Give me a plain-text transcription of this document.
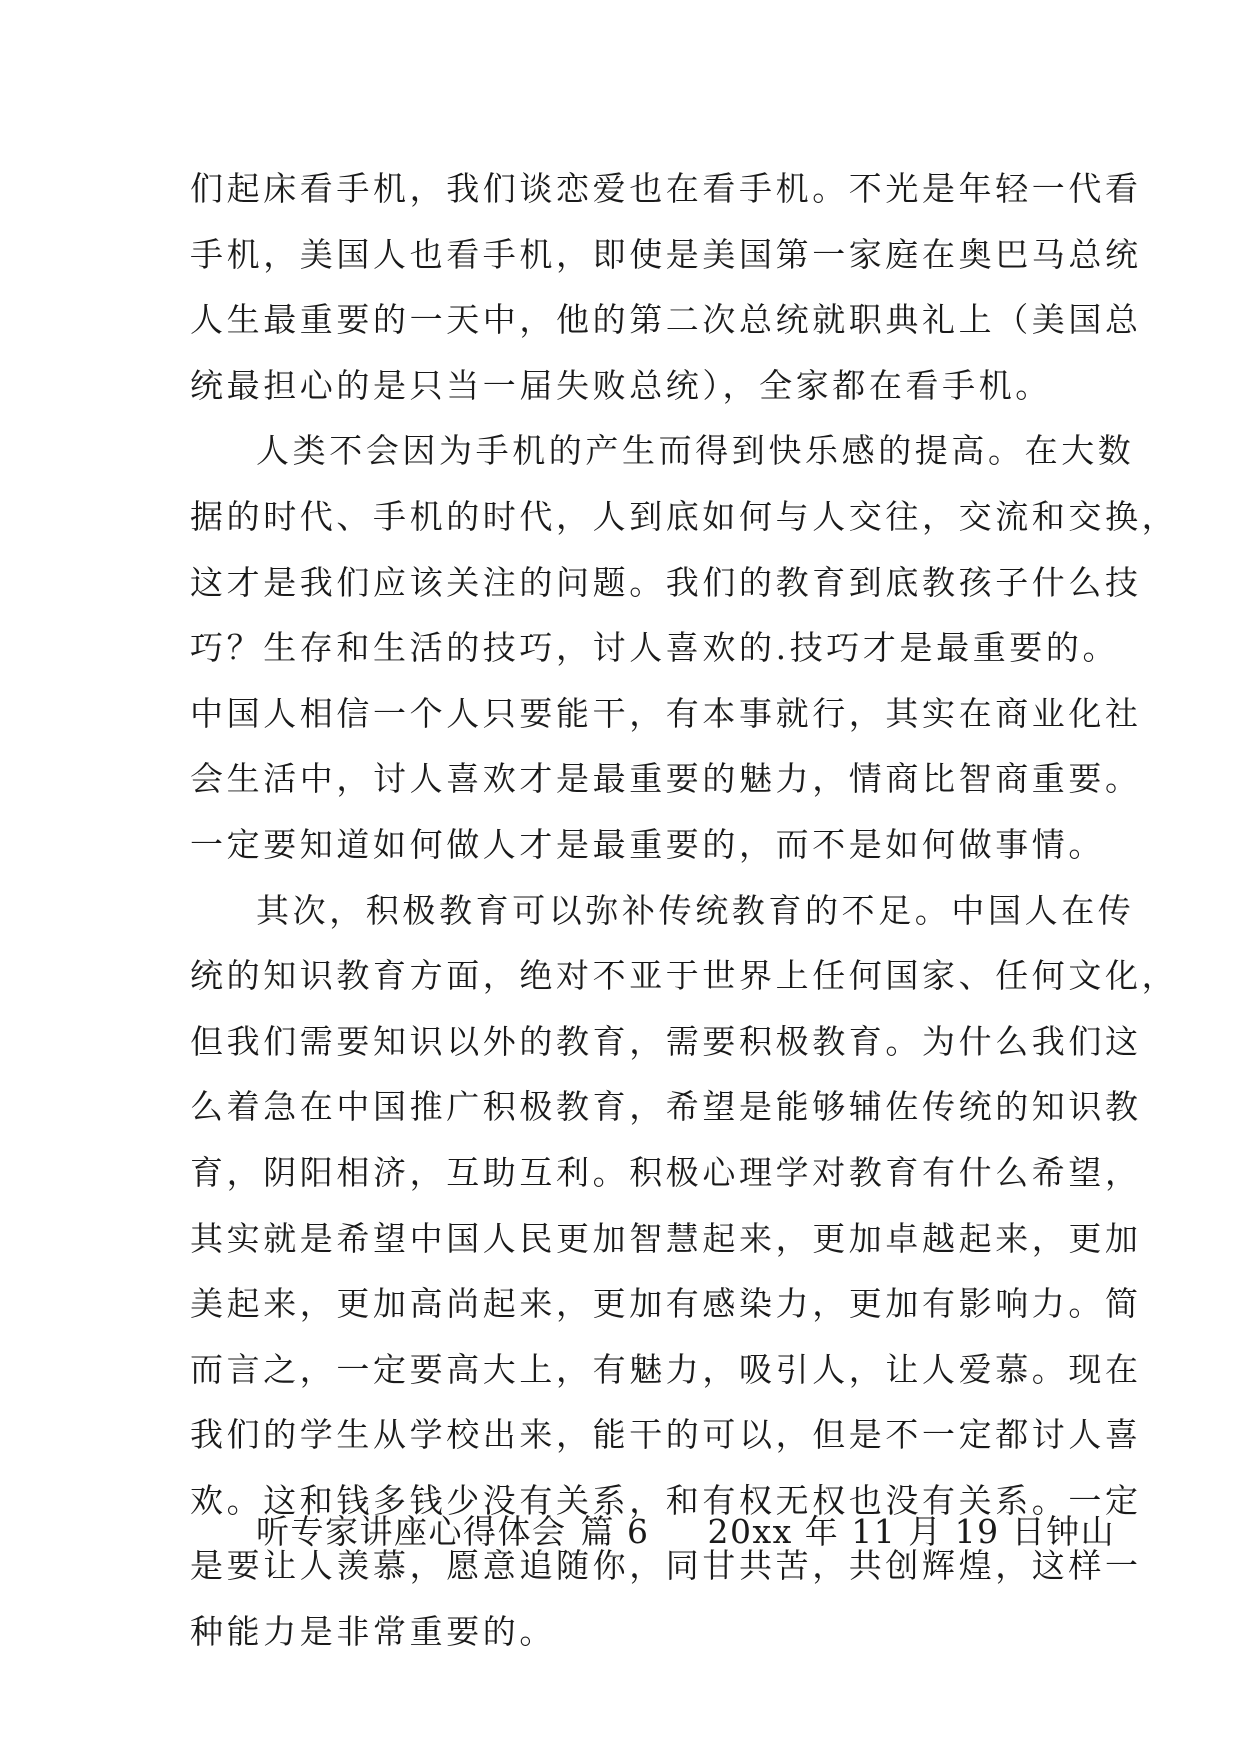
们起床看手机，我们谈恋爱也在看手机。不光是年轻一代看
手机，美国人也看手机，即使是美国第一家庭在奥巴马总统
人生最重要的一天中，他的第二次总统就职典礼上（美国总
统最担心的是只当一届失败总统），全家都在看手机。
人类不会因为手机的产生而得到快乐感的提高。在大数
据的时代、手机的时代，人到底如何与人交往，交流和交换，
这才是我们应该关注的问题。我们的教育到底教孩子什么技
巧？生存和生活的技巧，讨人喜欢的.技巧才是最重要的。
中国人相信一个人只要能干，有本事就行，其实在商业化社
会生活中，讨人喜欢才是最重要的魅力，情商比智商重要。
一定要知道如何做人才是最重要的，而不是如何做事情。
其次，积极教育可以弥补传统教育的不足。中国人在传
统的知识教育方面，绝对不亚于世界上任何国家、任何文化，
但我们需要知识以外的教育，需要积极教育。为什么我们这
么着急在中国推广积极教育，希望是能够辅佐传统的知识教
育，阴阳相济，互助互利。积极心理学对教育有什么希望，
其实就是希望中国人民更加智慧起来，更加卓越起来，更加
美起来，更加高尚起来，更加有感染力，更加有影响力。简
而言之，一定要高大上，有魅力，吸引人，让人爱慕。现在
我们的学生从学校出来，能干的可以，但是不一定都讨人喜
欢。这和钱多钱少没有关系，和有权无权也没有关系。一定
是要让人羡慕，愿意追随你，同甘共苦，共创辉煌，这样一
种能力是非常重要的。
听专家讲座心得体会 篇 6 20xx 年 11 月 19 日钟山
